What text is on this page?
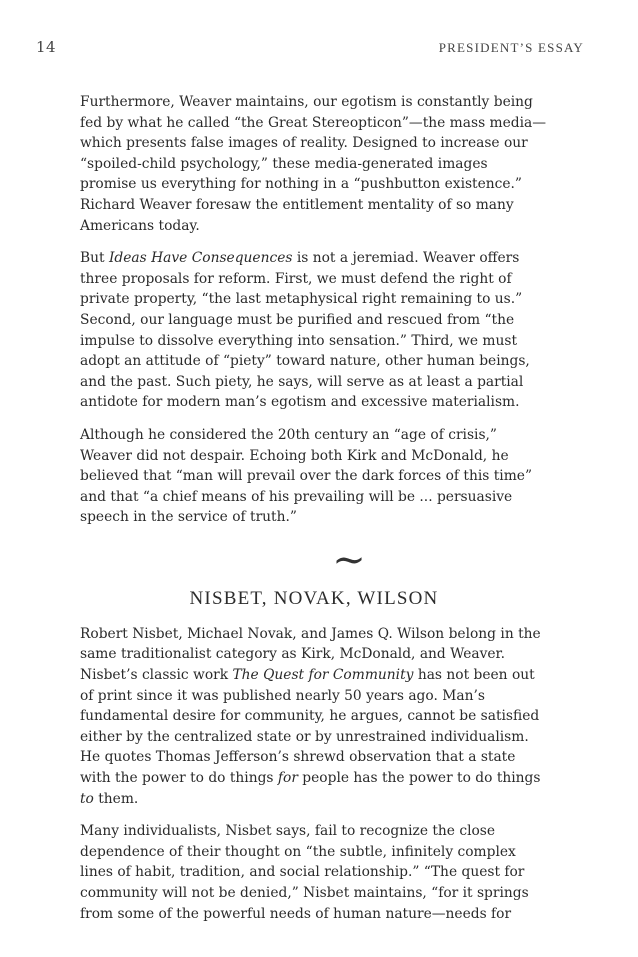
14	PRESIDENT’S ESSAY

Furthermore, Weaver maintains, our egotism is constantly being fed by what he called “the Great Stereopticon”—the mass media—which presents false images of reality. Designed to increase our “spoiled-child psychology,” these media-generated images promise us everything for nothing in a “pushbutton existence.” Richard Weaver foresaw the entitlement mentality of so many Americans today.

But Ideas Have Consequences is not a jeremiad. Weaver offers three proposals for reform. First, we must defend the right of private property, “the last metaphysical right remaining to us.” Second, our language must be purified and rescued from “the impulse to dissolve everything into sensation.” Third, we must adopt an attitude of “piety” toward nature, other human beings, and the past. Such piety, he says, will serve as at least a partial antidote for modern man’s egotism and excessive materialism.

Although he considered the 20th century an “age of crisis,” Weaver did not despair. Echoing both Kirk and McDonald, he believed that “man will prevail over the dark forces of this time” and that “a chief means of his prevailing will be ... persuasive speech in the service of truth.”

~
NISBET, NOVAK, WILSON

Robert Nisbet, Michael Novak, and James Q. Wilson belong in the same traditionalist category as Kirk, McDonald, and Weaver. Nisbet’s classic work The Quest for Community has not been out of print since it was published nearly 50 years ago. Man’s fundamental desire for community, he argues, cannot be satisfied either by the centralized state or by unrestrained individualism. He quotes Thomas Jefferson’s shrewd observation that a state with the power to do things for people has the power to do things to them.

Many individualists, Nisbet says, fail to recognize the close dependence of their thought on “the subtle, infinitely complex lines of habit, tradition, and social relationship.” “The quest for community will not be denied,” Nisbet maintains, “for it springs from some of the powerful needs of human nature—needs for
